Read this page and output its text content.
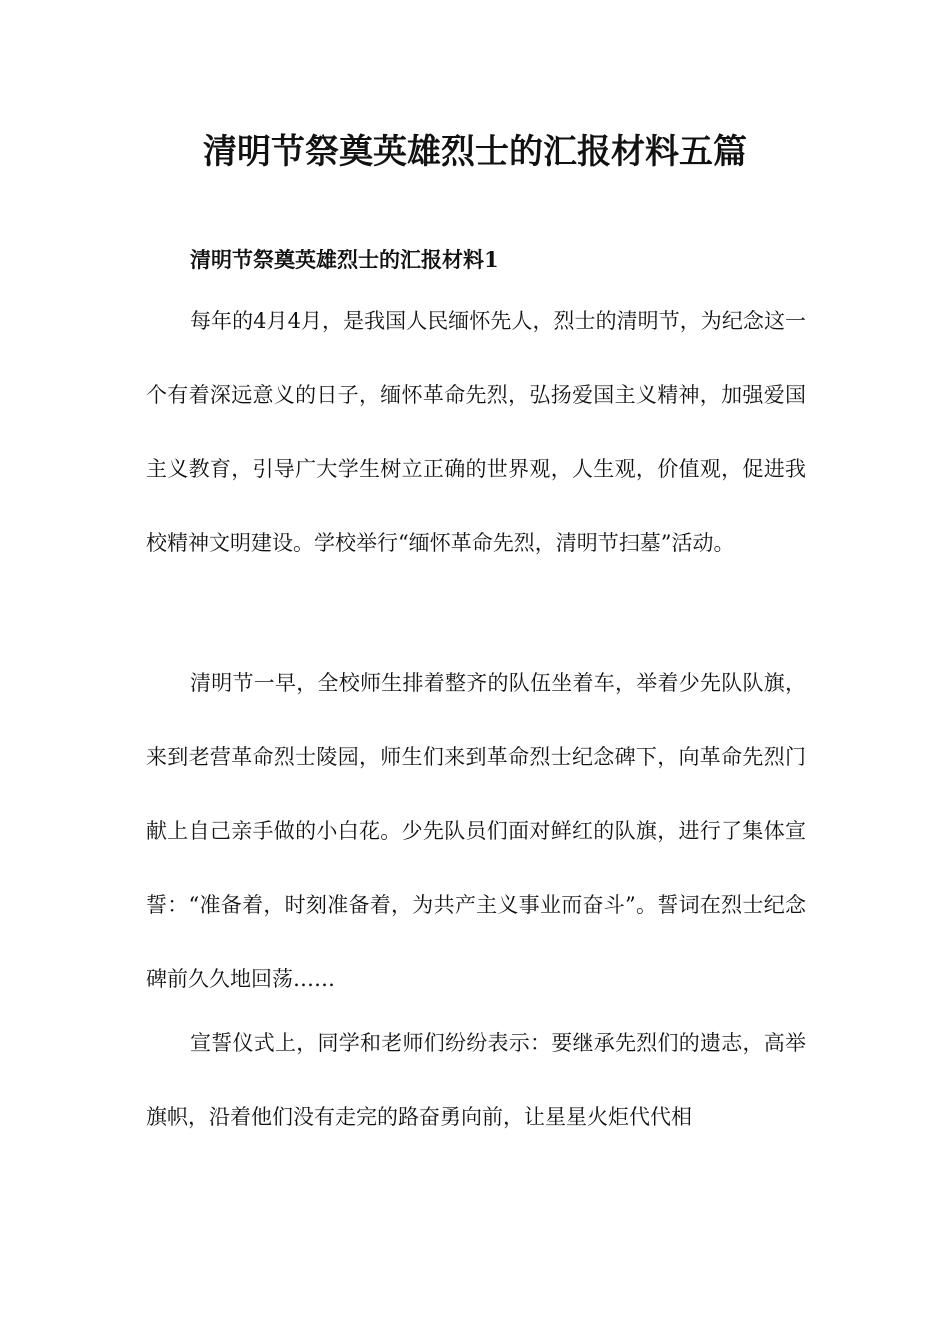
清明节祭奠英雄烈士的汇报材料五篇
清明节祭奠英雄烈士的汇报材料1

每年的4月4月，是我国人民缅怀先人，烈士的清明节，为纪念这一个有着深远意义的日子，缅怀革命先烈，弘扬爱国主义精神，加强爱国主义教育，引导广大学生树立正确的世界观，人生观，价值观，促进我校精神文明建设。学校举行“缅怀革命先烈，清明节扫墓”活动。

清明节一早，全校师生排着整齐的队伍坐着车，举着少先队队旗，来到老营革命烈士陵园，师生们来到革命烈士纪念碑下，向革命先烈门献上自己亲手做的小白花。少先队员们面对鲜红的队旗，进行了集体宣誓：“准备着，时刻准备着，为共产主义事业而奋斗”。誓词在烈士纪念碑前久久地回荡……

宣誓仪式上，同学和老师们纷纷表示：要继承先烈们的遗志，高举旗帜，沿着他们没有走完的路奋勇向前，让星星火炬代代相
